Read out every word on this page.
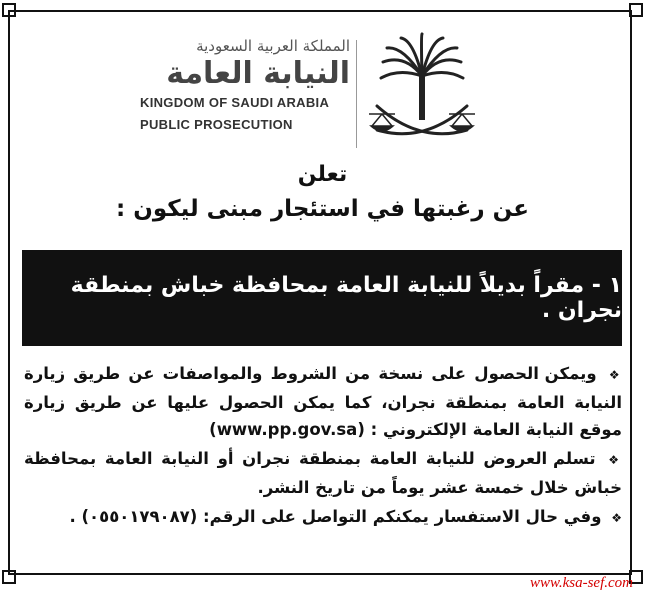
المملكة العربية السعودية

النيابة العامة

KINGDOM OF SAUDI ARABIA

PUBLIC PROSECUTION

تعلن
عن رغبتها في استئجار مبنى ليكون :
١ - مقراً بديلاً للنيابة العامة بمحافظة خباش بمنطقة نجران .

❖ ويمكن الحصول على نسخة من الشروط والمواصفات عن طريق زيارة النيابة العامة بمنطقة نجران، كما يمكن الحصول عليها عن طريق زيارة موقع النيابة العامة الإلكتروني : (www.pp.gov.sa)

❖ تسلم العروض للنيابة العامة بمنطقة نجران أو النيابة العامة بمحافظة خباش خلال خمسة عشر يوماً من تاريخ النشر.

❖ وفي حال الاستفسار يمكنكم التواصل على الرقم: (٠٥٥٠١٧٩٠٨٧) .

www.ksa-sef.com
